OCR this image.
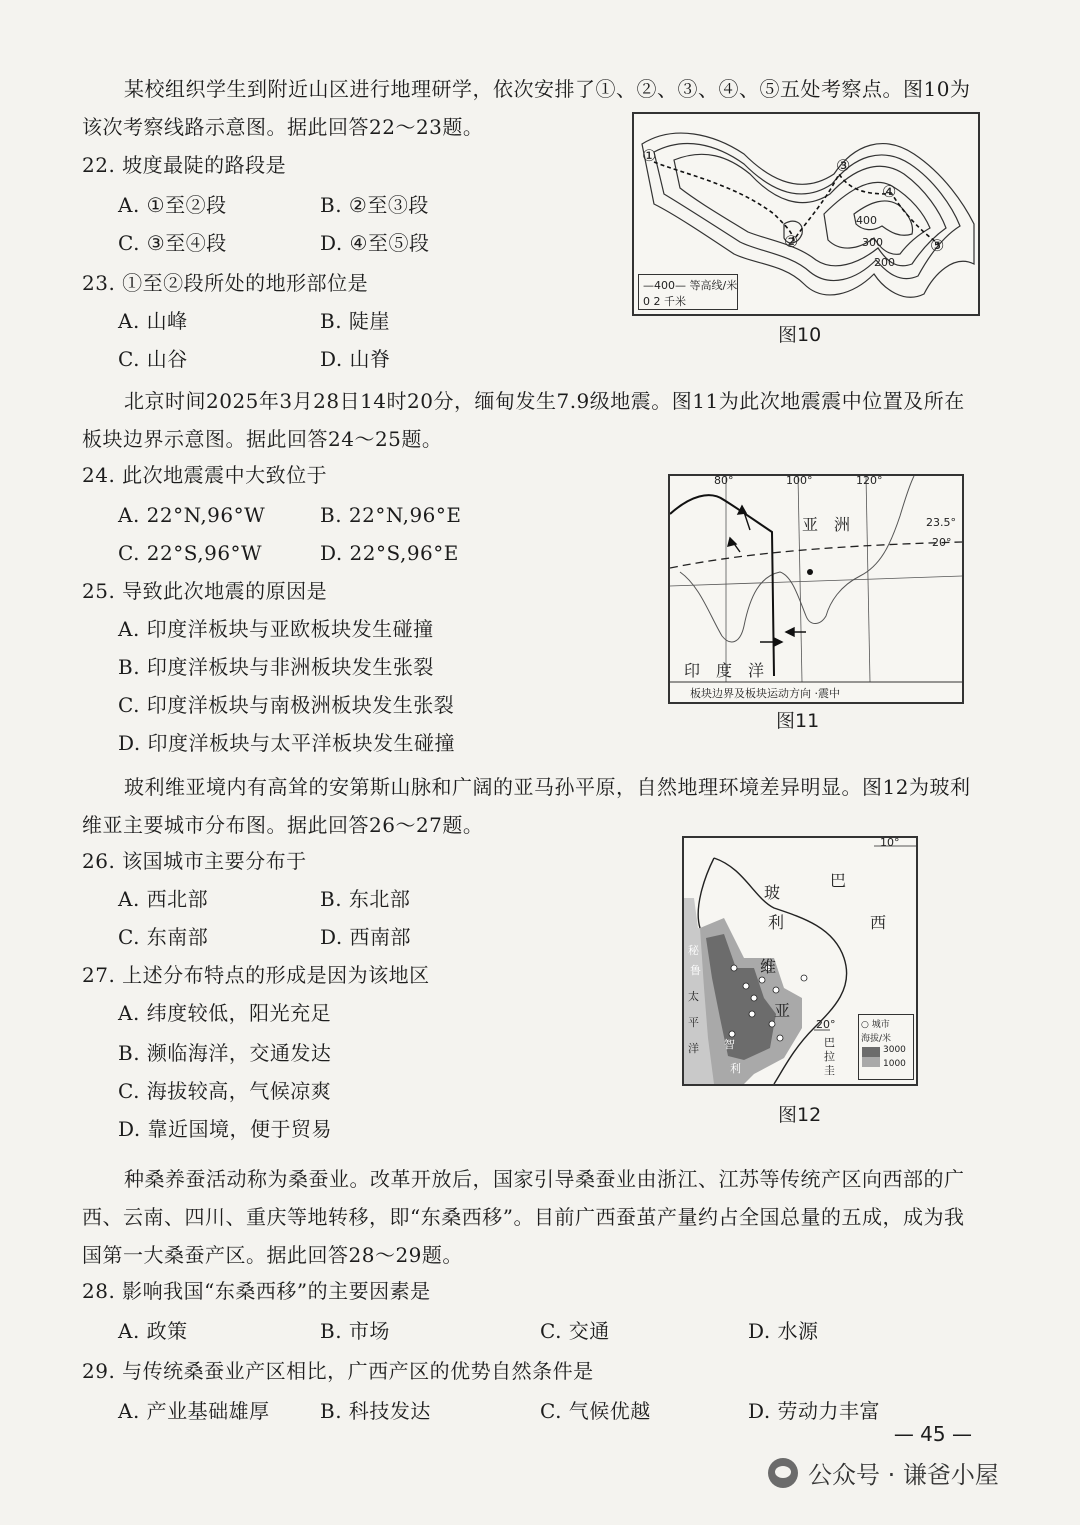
某校组织学生到附近山区进行地理研学，依次安排了①、②、③、④、⑤五处考察点。图10为该次考察线路示意图。据此回答22～23题。
22. 坡度最陡的路段是
A. ①至②段	B. ②至③段
C. ③至④段	D. ④至⑤段
23. ①至②段所处的地形部位是
A. 山峰	B. 陡崖
C. 山谷	D. 山脊
①
②
③
④
⑤
400
300
200
—400— 等高线/米
0 2 千米
图10
北京时间2025年3月28日14时20分，缅甸发生7.9级地震。图11为此次地震震中位置及所在板块边界示意图。据此回答24～25题。
24. 此次地震震中大致位于
A. 22°N,96°W	B. 22°N,96°E
C. 22°S,96°W	D. 22°S,96°E
25. 导致此次地震的原因是
A. 印度洋板块与亚欧板块发生碰撞
B. 印度洋板块与非洲板块发生张裂
C. 印度洋板块与南极洲板块发生张裂
D. 印度洋板块与太平洋板块发生碰撞
80°	100°	120°
23.5°
20°
亚　洲
印　度　洋
板块边界及板块运动方向 ·震中
图11
玻利维亚境内有高耸的安第斯山脉和广阔的亚马孙平原，自然地理环境差异明显。图12为玻利维亚主要城市分布图。据此回答26～27题。
26. 该国城市主要分布于
A. 西北部	B. 东北部
C. 东南部	D. 西南部
27. 上述分布特点的形成是因为该地区
A. 纬度较低，阳光充足
B. 濒临海洋，交通发达
C. 海拔较高，气候凉爽
D. 靠近国境，便于贸易
10°
20°
玻
利
维
亚
巴
西
秘
鲁
太
平
洋 智
利
巴
拉
圭
○ 城市
海拔/米
3000
1000
图12
种桑养蚕活动称为桑蚕业。改革开放后，国家引导桑蚕业由浙江、江苏等传统产区向西部的广西、云南、四川、重庆等地转移，即“东桑西移”。目前广西蚕茧产量约占全国总量的五成，成为我国第一大桑蚕产区。据此回答28～29题。
28. 影响我国“东桑西移”的主要因素是
A. 政策	B. 市场	C. 交通	D. 水源
29. 与传统桑蚕业产区相比，广西产区的优势自然条件是
A. 产业基础雄厚	B. 科技发达	C. 气候优越	D. 劳动力丰富
— 45 —
公众号 · 谦爸小屋
